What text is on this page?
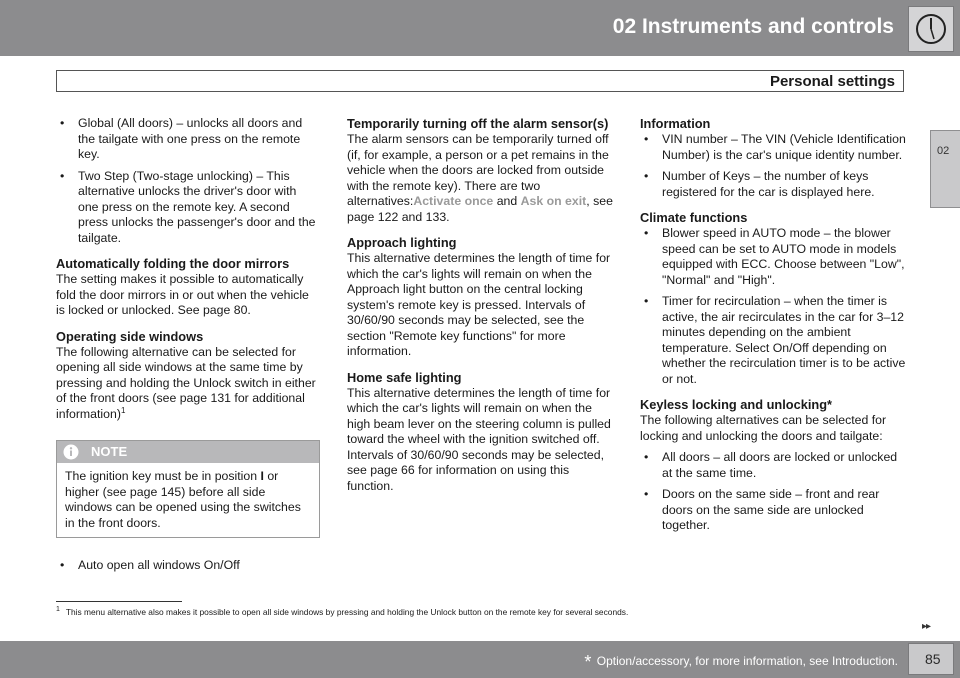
02 Instruments and controls
Personal settings
02
• Global (All doors) – unlocks all doors and the tailgate with one press on the remote key.
• Two Step (Two-stage unlocking) – This alternative unlocks the driver's door with one press on the remote key. A second press unlocks the passenger's door and the tailgate.
Automatically folding the door mirrors

The setting makes it possible to automatically fold the door mirrors in or out when the vehicle is locked or unlocked. See page 80.

Operating side windows

The following alternative can be selected for opening all side windows at the same time by pressing and holding the Unlock switch in either of the front doors (see page 131 for additional information)$^1$

NOTE
The ignition key must be in position I or higher (see page 145) before all side windows can be opened using the switches in the front doors.
• Auto open all windows On/Off
Temporarily turning off the alarm sensor(s)

The alarm sensors can be temporarily turned off (if, for example, a person or a pet remains in the vehicle when the doors are locked from outside with the remote key). There are two alternatives:Activate once and Ask on exit, see page 122 and 133.

Approach lighting

This alternative determines the length of time for which the car's lights will remain on when the Approach light button on the central locking system's remote key is pressed. Intervals of 30/60/90 seconds may be selected, see the section "Remote key functions" for more information.

Home safe lighting

This alternative determines the length of time for which the car's lights will remain on when the high beam lever on the steering column is pulled toward the wheel with the ignition switched off. Intervals of 30/60/90 seconds may be selected, see page 66 for information on using this function.

Information
• VIN number – The VIN (Vehicle Identification Number) is the car's unique identity number.
• Number of Keys – the number of keys registered for the car is displayed here.
Climate functions
• Blower speed in AUTO mode – the blower speed can be set to AUTO mode in models equipped with ECC. Choose between "Low", "Normal" and "High".
• Timer for recirculation – when the timer is active, the air recirculates in the car for 3–12 minutes depending on the ambient temperature. Select On/Off depending on whether the recirculation timer is to be active or not.
Keyless locking and unlocking*

The following alternatives can be selected for locking and unlocking the doors and tailgate:

• All doors – all doors are locked or unlocked at the same time.
• Doors on the same side – front and rear doors on the same side are unlocked together.
$^1$ This menu alternative also makes it possible to open all side windows by pressing and holding the Unlock button on the remote key for several seconds.
▸▸
* Option/accessory, for more information, see Introduction. 85
